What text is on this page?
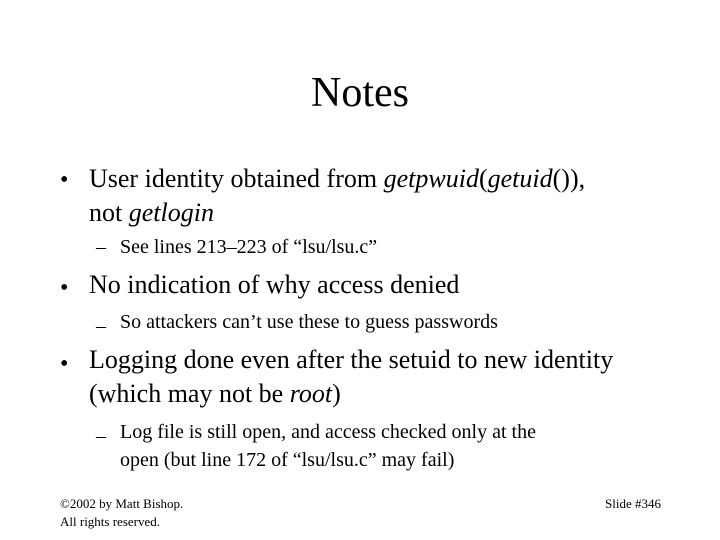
Notes
• User identity obtained from getpwuid(getuid()),
not getlogin
– See lines 213–223 of “lsu/lsu.c”
• No indication of why access denied
– So attackers can’t use these to guess passwords
• Logging done even after the setuid to new identity
(which may not be root)
– Log file is still open, and access checked only at the
open (but line 172 of “lsu/lsu.c” may fail)
©2002 by Matt Bishop.
All rights reserved.
Slide #346
